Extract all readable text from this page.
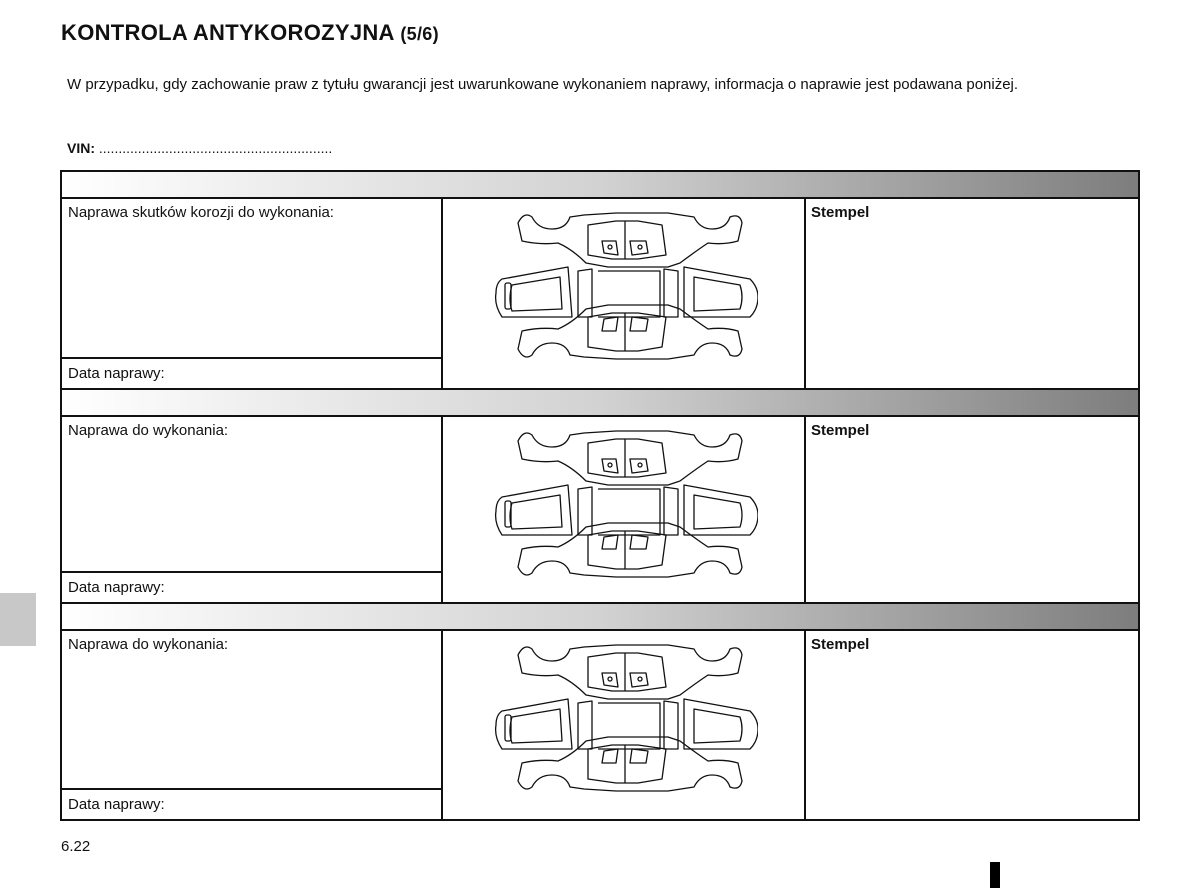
KONTROLA ANTYKOROZYJNA (5/6)
W przypadku, gdy zachowanie praw z tytułu gwarancji jest uwarunkowane wykonaniem naprawy, informacja o naprawie jest podawana poniżej.
VIN: ............................................................
Naprawa skutków korozji do wykonania:
Data naprawy:
Stempel
Naprawa do wykonania:
Data naprawy:
Stempel
Naprawa do wykonania:
Data naprawy:
Stempel
6.22
